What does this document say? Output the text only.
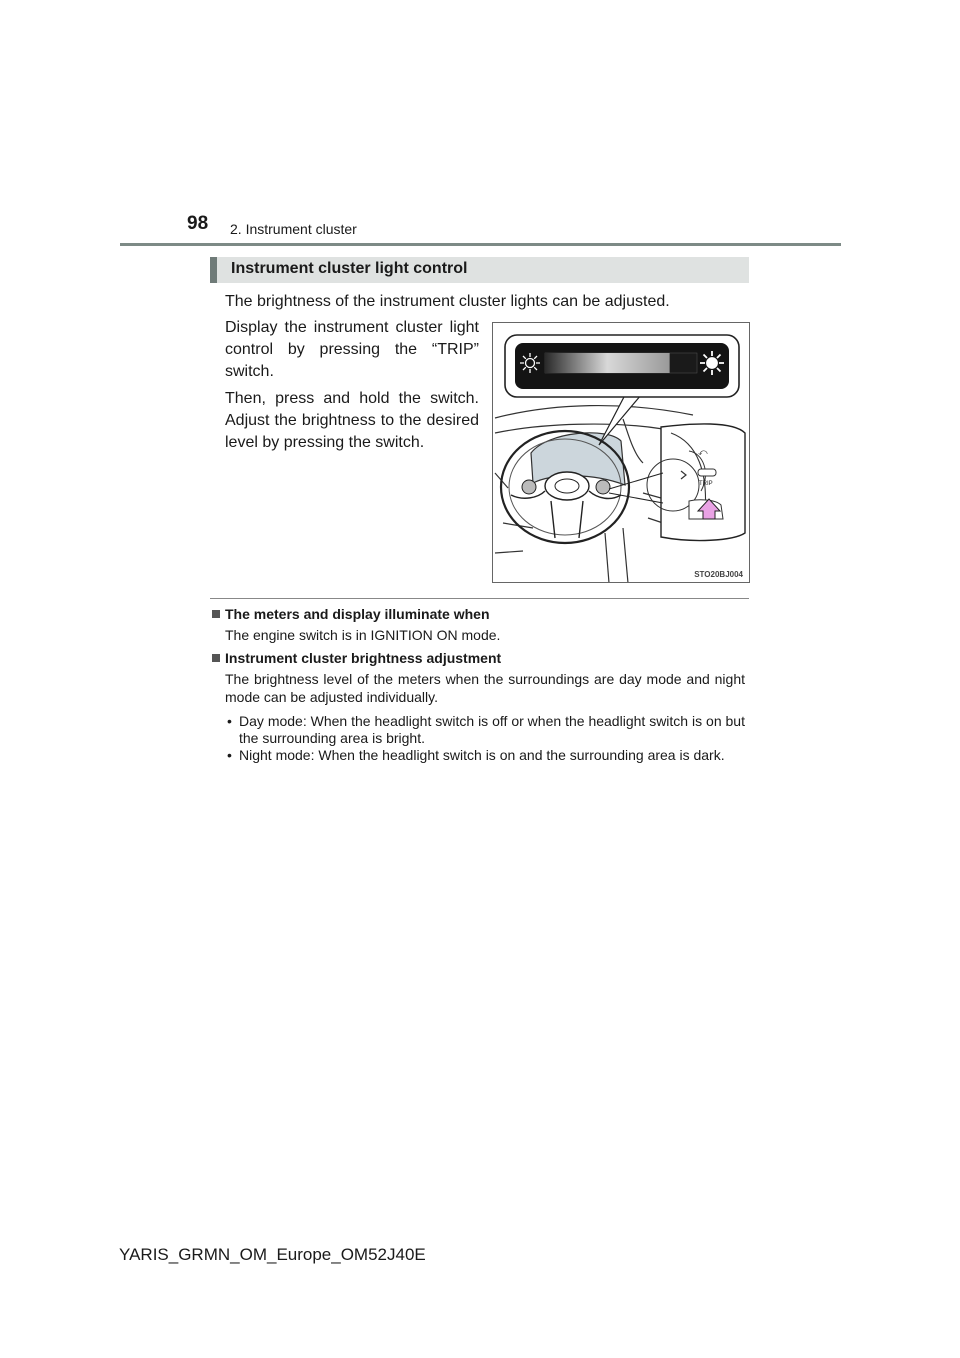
98 2. Instrument cluster
Instrument cluster light control
The brightness of the instrument cluster lights can be adjusted.

Display the instrument cluster light control by pressing the “TRIP” switch.

Then, press and hold the switch. Adjust the brightness to the desired level by pressing the switch.

⤺
TRIP
STO20BJ004
The meters and display illuminate when

The engine switch is in IGNITION ON mode.

Instrument cluster brightness adjustment

The brightness level of the meters when the surroundings are day mode and night mode can be adjusted individually.

• Day mode: When the headlight switch is off or when the headlight switch is on but the surrounding area is bright.
• Night mode: When the headlight switch is on and the surrounding area is dark.
YARIS_GRMN_OM_Europe_OM52J40E
